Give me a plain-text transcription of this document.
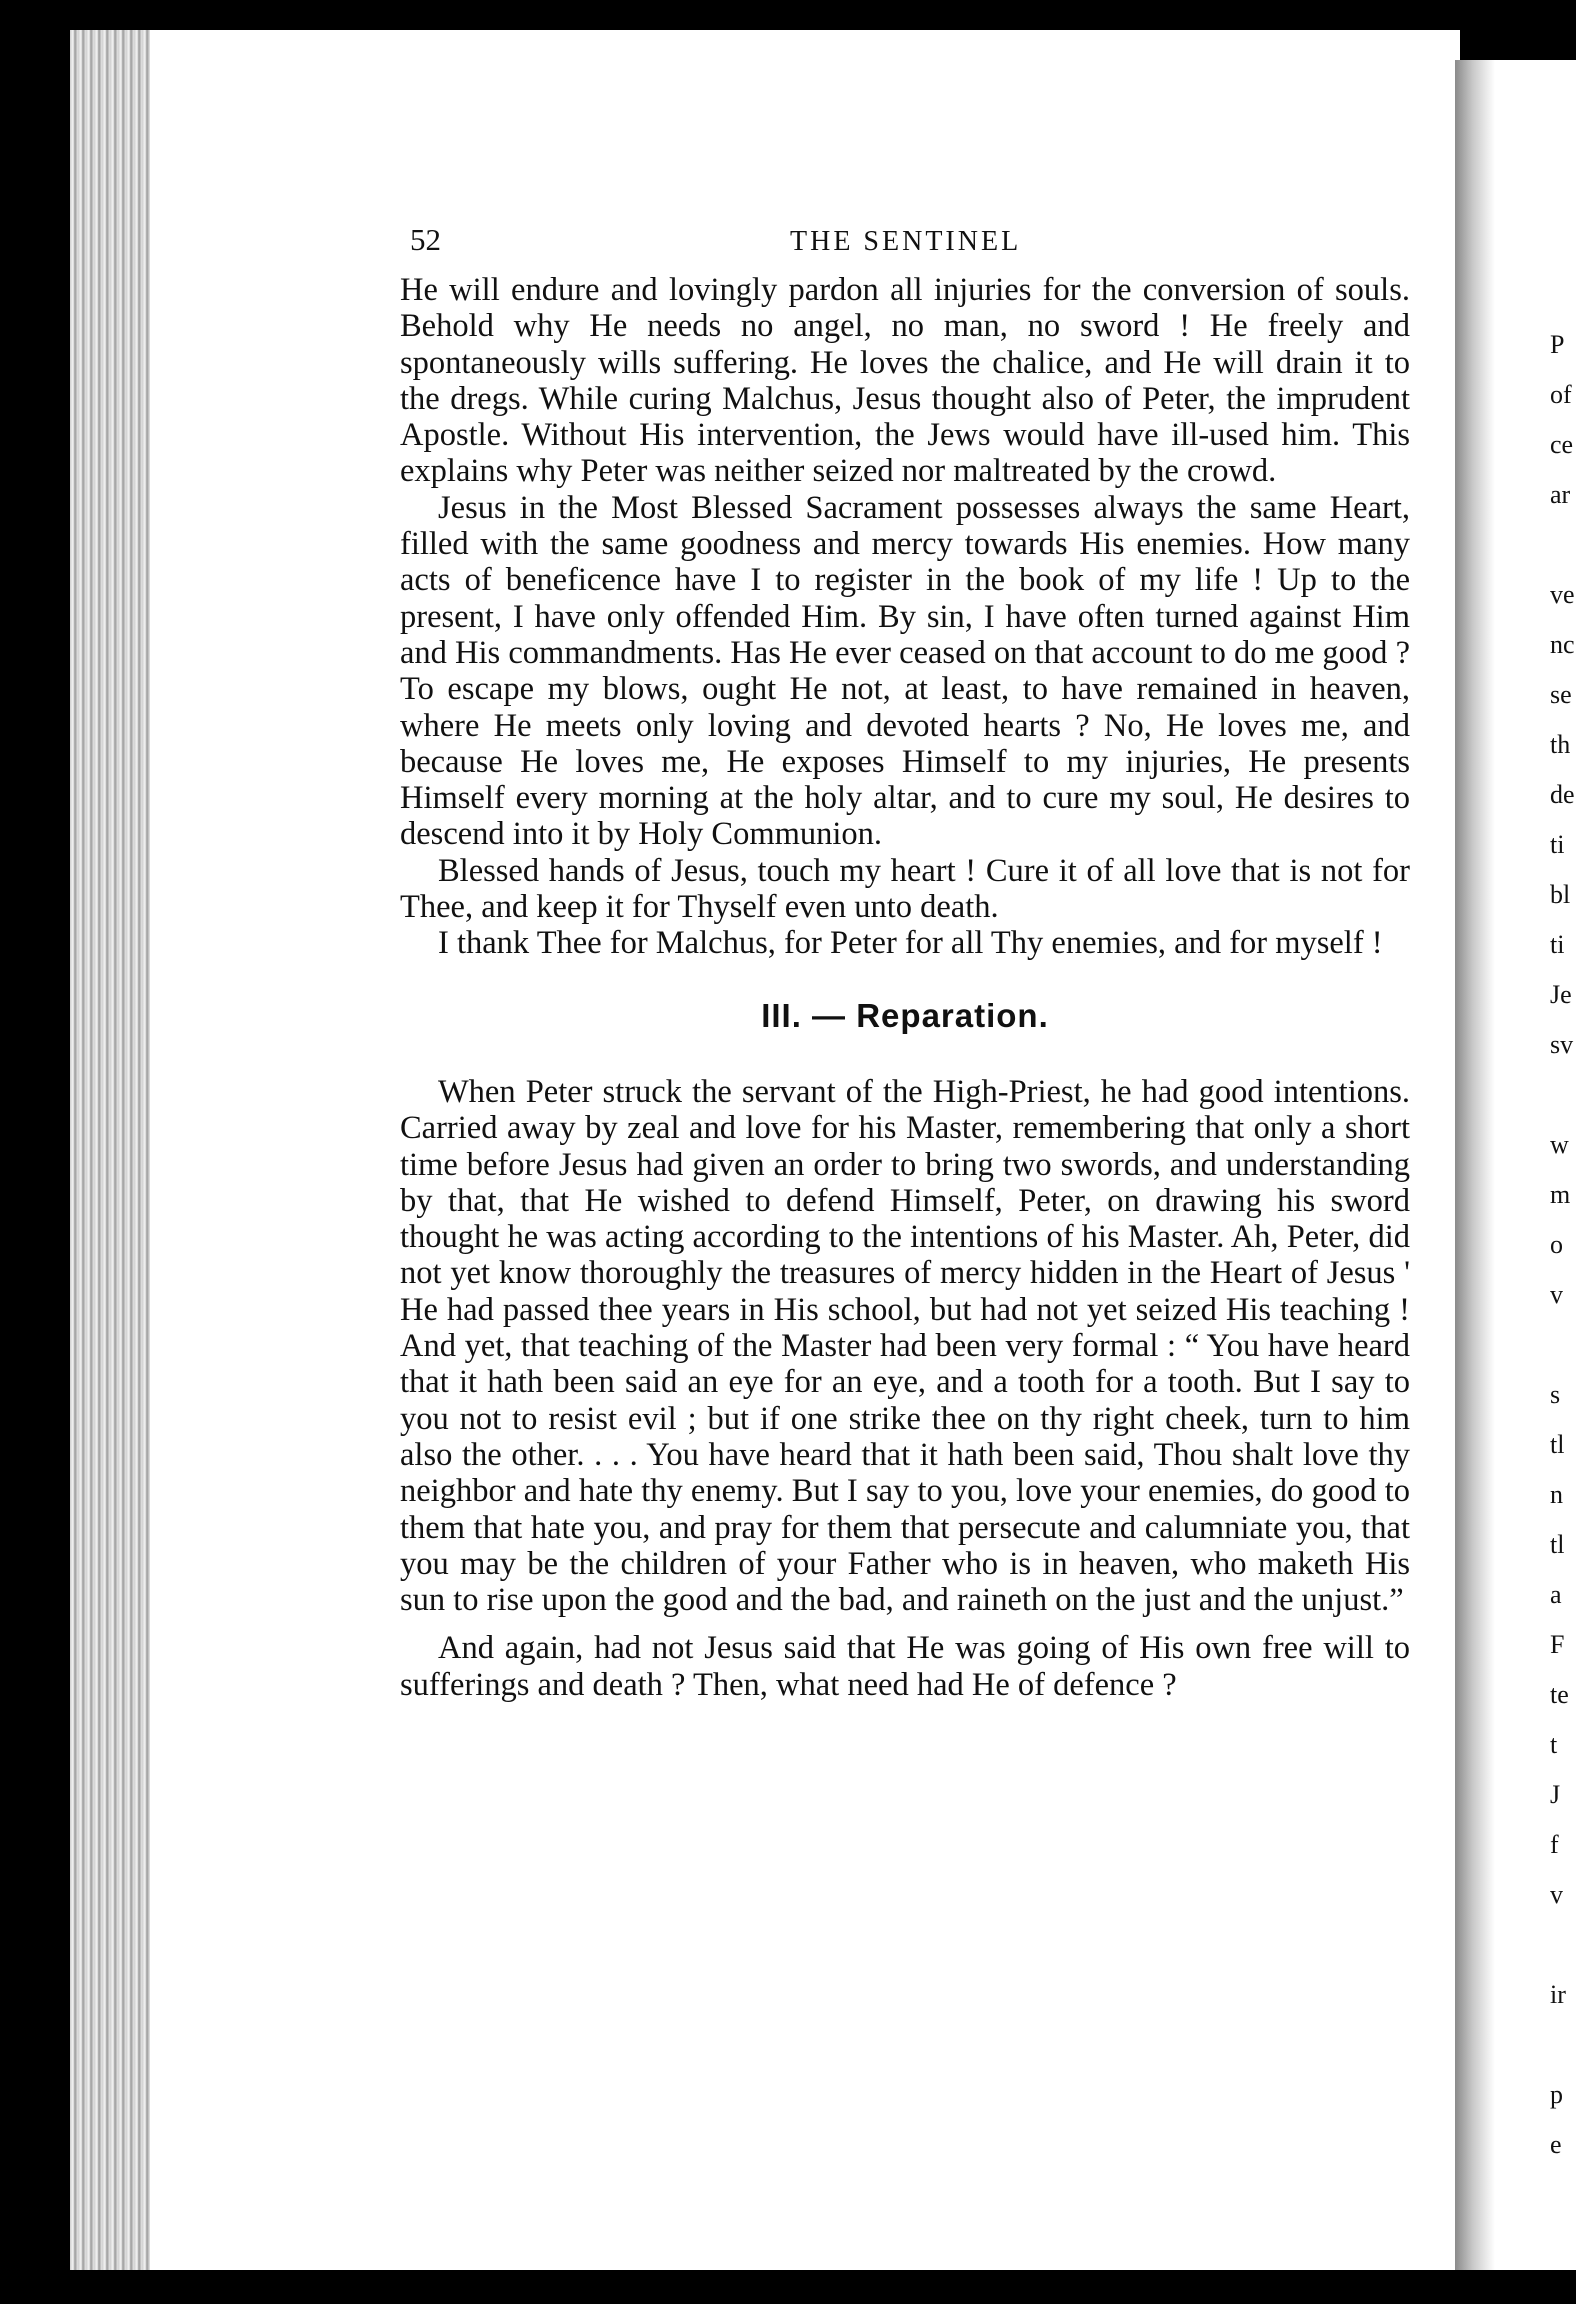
P
of
ce
ar
ve
nc
se
th
de
ti
bl
ti
Je
sv
w
m
o
v
s
tl
n
tl
a
F
te
t
J
f
v
ir
p
e
52	THE SENTINEL

He will endure and lovingly pardon all injuries for the conversion of souls. Behold why He needs no angel, no man, no sword ! He freely and spontaneously wills suffering. He loves the chalice, and He will drain it to the dregs. While curing Malchus, Jesus thought also of Peter, the imprudent Apostle. Without His intervention, the Jews would have ill-used him. This explains why Peter was neither seized nor maltreated by the crowd.

Jesus in the Most Blessed Sacrament possesses always the same Heart, filled with the same goodness and mercy towards His enemies. How many acts of beneficence have I to register in the book of my life ! Up to the present, I have only offended Him. By sin, I have often turned against Him and His commandments. Has He ever ceased on that account to do me good ? To escape my blows, ought He not, at least, to have remained in heaven, where He meets only loving and devoted hearts ? No, He loves me, and because He loves me, He exposes Himself to my injuries, He presents Himself every morning at the holy altar, and to cure my soul, He desires to descend into it by Holy Communion.

Blessed hands of Jesus, touch my heart ! Cure it of all love that is not for Thee, and keep it for Thyself even unto death.

I thank Thee for Malchus, for Peter for all Thy enemies, and for myself !

III. — Reparation.

When Peter struck the servant of the High-Priest, he had good intentions. Carried away by zeal and love for his Master, remembering that only a short time before Jesus had given an order to bring two swords, and understanding by that, that He wished to defend Himself, Peter, on drawing his sword thought he was acting according to the intentions of his Master. Ah, Peter, did not yet know thoroughly the treasures of mercy hidden in the Heart of Jesus ' He had passed thee years in His school, but had not yet seized His teaching ! And yet, that teaching of the Master had been very formal : “ You have heard that it hath been said an eye for an eye, and a tooth for a tooth. But I say to you not to resist evil ; but if one strike thee on thy right cheek, turn to him also the other. . . . You have heard that it hath been said, Thou shalt love thy neighbor and hate thy enemy. But I say to you, love your enemies, do good to them that hate you, and pray for them that persecute and calumniate you, that you may be the children of your Father who is in heaven, who maketh His sun to rise upon the good and the bad, and raineth on the just and the unjust.”

And again, had not Jesus said that He was going of His own free will to sufferings and death ? Then, what need had He of defence ?
